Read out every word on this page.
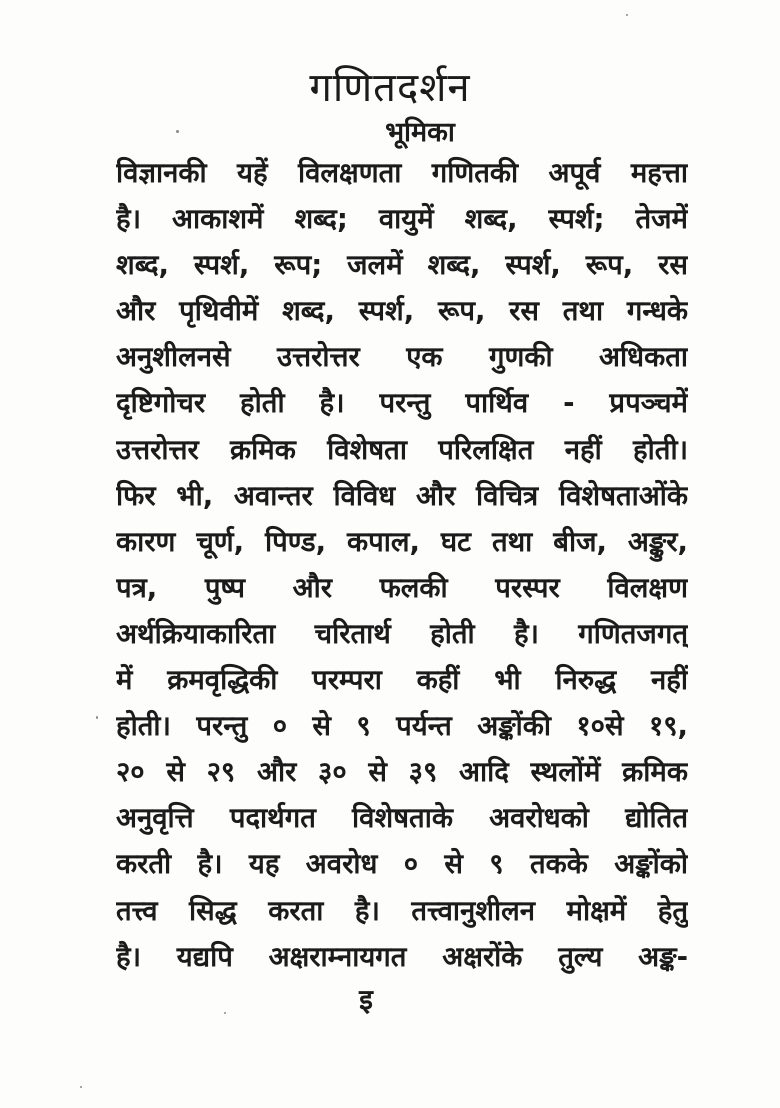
गणितदर्शन
भूमिका
विज्ञानकी यहें विलक्षणता गणितकी अपूर्व महत्ता
है। आकाशमें शब्द; वायुमें शब्द, स्पर्श; तेजमें
शब्द, स्पर्श, रूप; जलमें शब्द, स्पर्श, रूप, रस
और पृथिवीमें शब्द, स्पर्श, रूप, रस तथा गन्धके
अनुशीलनसे उत्तरोत्तर एक गुणकी अधिकता
दृष्टिगोचर होती है। परन्तु पार्थिव - प्रपञ्चमें
उत्तरोत्तर क्रमिक विशेषता परिलक्षित नहीं होती।
फिर भी, अवान्तर विविध और विचित्र विशेषताओंके
कारण चूर्ण, पिण्ड, कपाल, घट तथा बीज, अङ्कुर,
पत्र, पुष्प और फलकी परस्पर विलक्षण
अर्थक्रियाकारिता चरितार्थ होती है। गणितजगत्
में क्रमवृद्धिकी परम्परा कहीं भी निरुद्ध नहीं
होती। परन्तु ० से ९ पर्यन्त अङ्कोंकी १०से १९,
२० से २९ और ३० से ३९ आदि स्थलोंमें क्रमिक
अनुवृत्ति पदार्थगत विशेषताके अवरोधको द्योतित
करती है। यह अवरोध ० से ९ तकके अङ्कोंको
तत्त्व सिद्ध करता है। तत्त्वानुशीलन मोक्षमें हेतु
है। यद्यपि अक्षराम्नायगत अक्षरोंके तुल्य अङ्क-

इ
